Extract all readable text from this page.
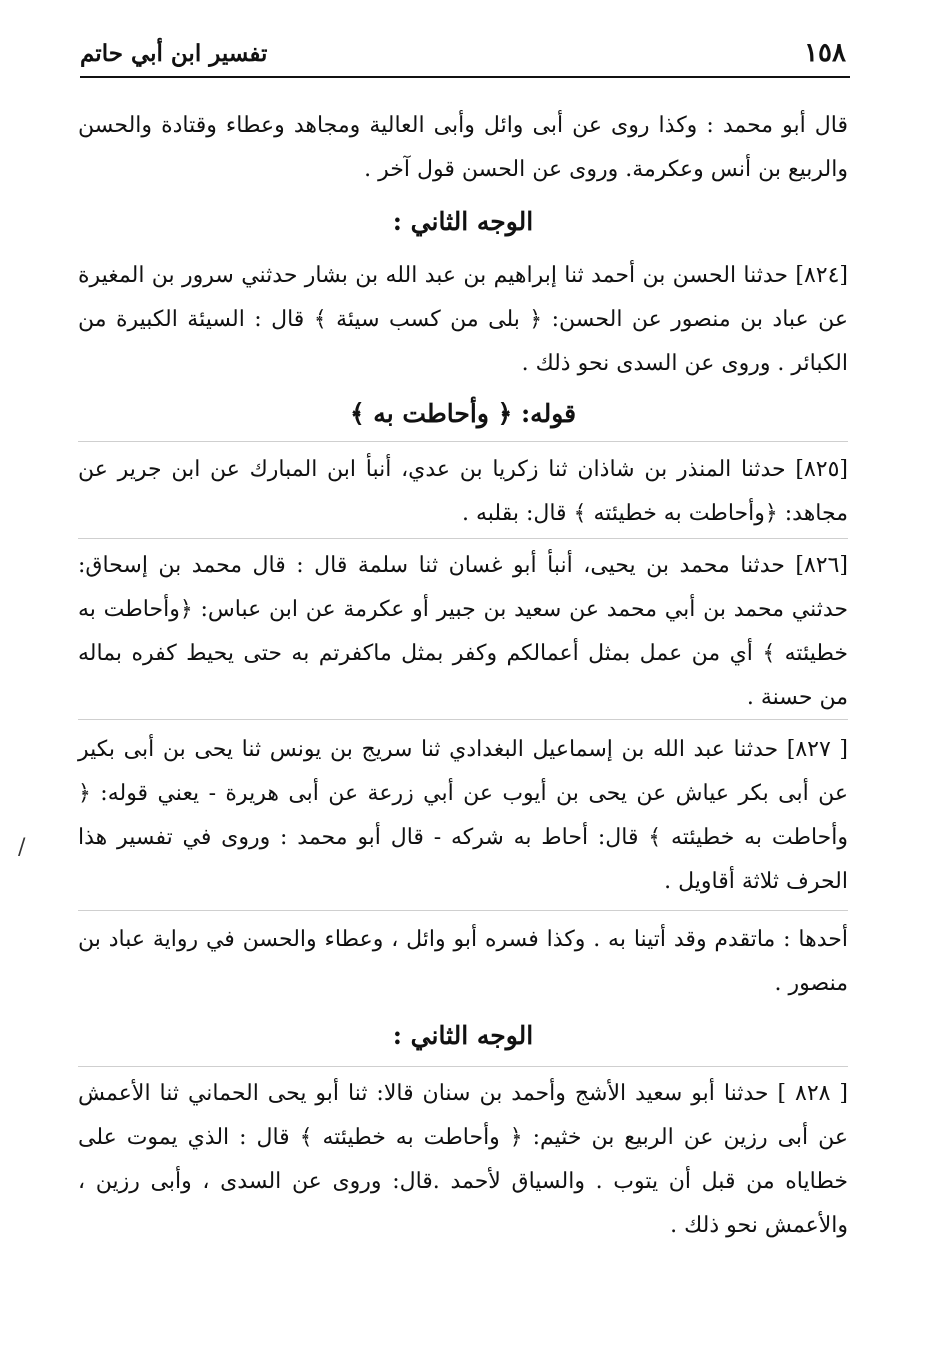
١٥٨
تفسير ابن أبي حاتم
قال أبو محمد : وكذا روى عن أبى وائل وأبى العالية ومجاهد وعطاء وقتادة والحسن والربيع بن أنس وعكرمة. وروى عن الحسن قول آخر .
الوجه الثاني :
[٨٢٤] حدثنا الحسن بن أحمد ثنا إبراهيم بن عبد الله بن بشار حدثني سرور بن المغيرة عن عباد بن منصور عن الحسن: ﴿ بلى من كسب سيئة ﴾ قال : السيئة الكبيرة من الكبائر . وروى عن السدى نحو ذلك .
قوله: ﴿ وأحاطت به ﴾
[٨٢٥] حدثنا المنذر بن شاذان ثنا زكريا بن عدي، أنبأ ابن المبارك عن ابن جرير عن مجاهد: ﴿وأحاطت به خطيئته ﴾ قال: بقلبه .
[٨٢٦] حدثنا محمد بن يحيى، أنبأ أبو غسان ثنا سلمة قال : قال محمد بن إسحاق: حدثني محمد بن أبي محمد عن سعيد بن جبير أو عكرمة عن ابن عباس: ﴿وأحاطت به خطيئته ﴾ أي من عمل بمثل أعمالكم وكفر بمثل ماكفرتم به حتى يحيط كفره بماله من حسنة .
[ ٨٢٧] حدثنا عبد الله بن إسماعيل البغدادي ثنا سريج بن يونس ثنا يحى بن أبى بكير عن أبى بكر عياش عن يحى بن أيوب عن أبي زرعة عن أبى هريرة - يعني قوله: ﴿ وأحاطت به خطيئته ﴾ قال: أحاط به شركه - قال أبو محمد : وروى في تفسير هذا الحرف ثلاثة أقاويل .
أحدها : ماتقدم وقد أتينا به . وكذا فسره أبو وائل ، وعطاء والحسن في رواية عباد بن منصور .
الوجه الثاني :
[ ٨٢٨ ] حدثنا أبو سعيد الأشج وأحمد بن سنان قالا: ثنا أبو يحى الحماني ثنا الأعمش عن أبى رزين عن الربيع بن خثيم: ﴿ وأحاطت به خطيئته ﴾ قال : الذي يموت على خطاياه من قبل أن يتوب . والسياق لأحمد .قال: وروى عن السدى ، وأبى رزين ، والأعمش نحو ذلك .
/
